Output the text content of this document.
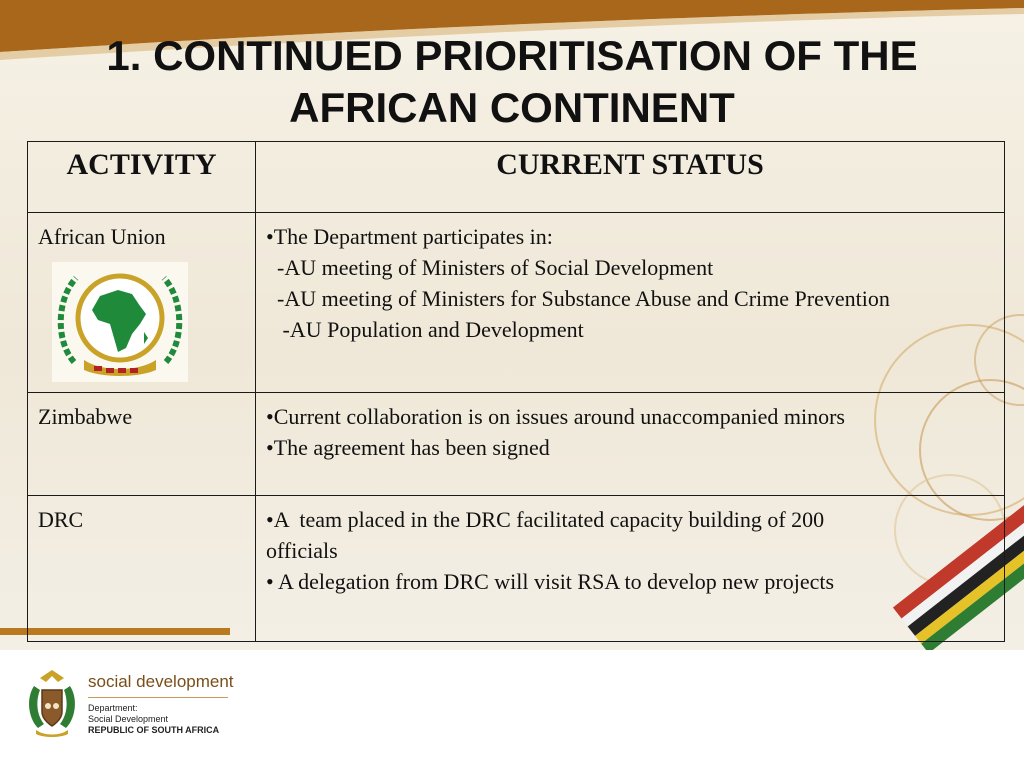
1. CONTINUED PRIORITISATION OF THE
AFRICAN CONTINENT
ACTIVITY	CURRENT STATUS
African Union	•The Department participates in:
-AU meeting of Ministers of Social Development
-AU meeting of Ministers for Substance Abuse and Crime Prevention
-AU Population and Development

Zimbabwe	•Current collaboration is on issues around unaccompanied minors
•The agreement has been signed

DRC	•A  team placed in the DRC facilitated capacity building of 200
officials
• A delegation from DRC will visit RSA to develop new projects
social development
Department:
Social Development
REPUBLIC OF SOUTH AFRICA
